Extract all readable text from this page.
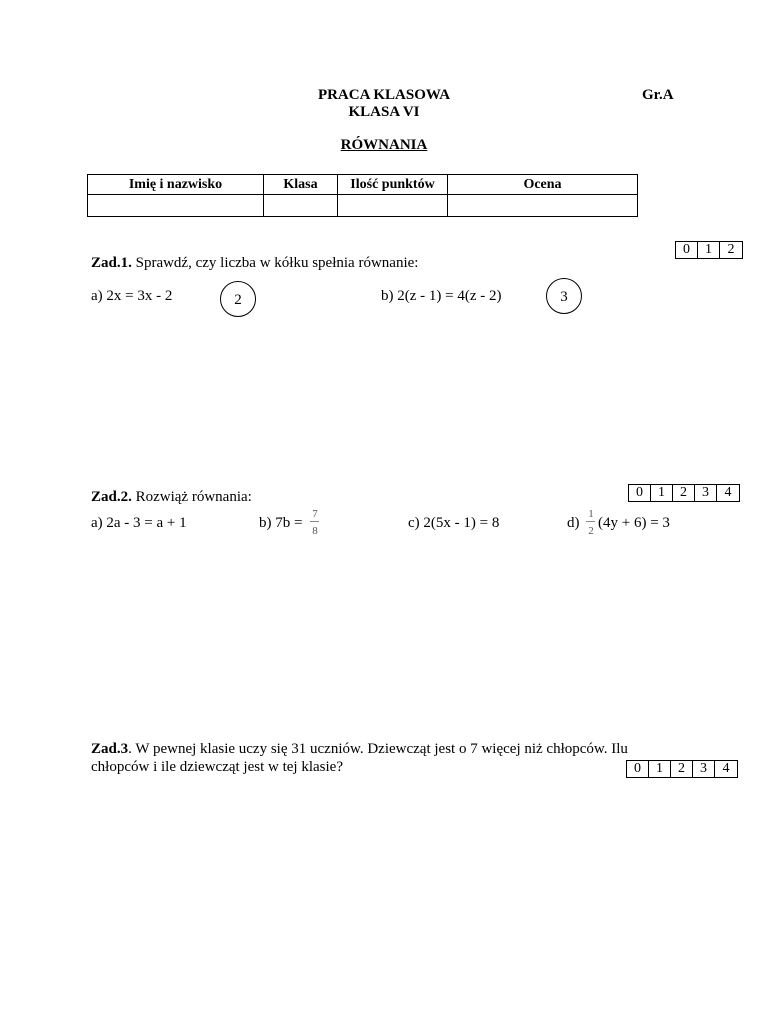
PRACA KLASOWA
KLASA VI
Gr.A
RÓWNANIA
Imię i nazwisko	Klasa	Ilość punktów	Ocena

0	1	2
Zad.1. Sprawdź, czy liczba w kółku spełnia równanie:
a) 2x = 3x - 2	2	b) 2(z - 1) = 4(z - 2)	3
0	1	2	3	4
Zad.2. Rozwiąż równania:
a) 2a - 3 = a + 1	b) 7b =
7
8	c) 2(5x - 1) = 8	d)
1
2 (4y + 6) = 3
Zad.3. W pewnej klasie uczy się 31 uczniów. Dziewcząt jest o 7 więcej niż chłopców. Ilu
chłopców i ile dziewcząt jest w tej klasie?	0	1	2	3	4
